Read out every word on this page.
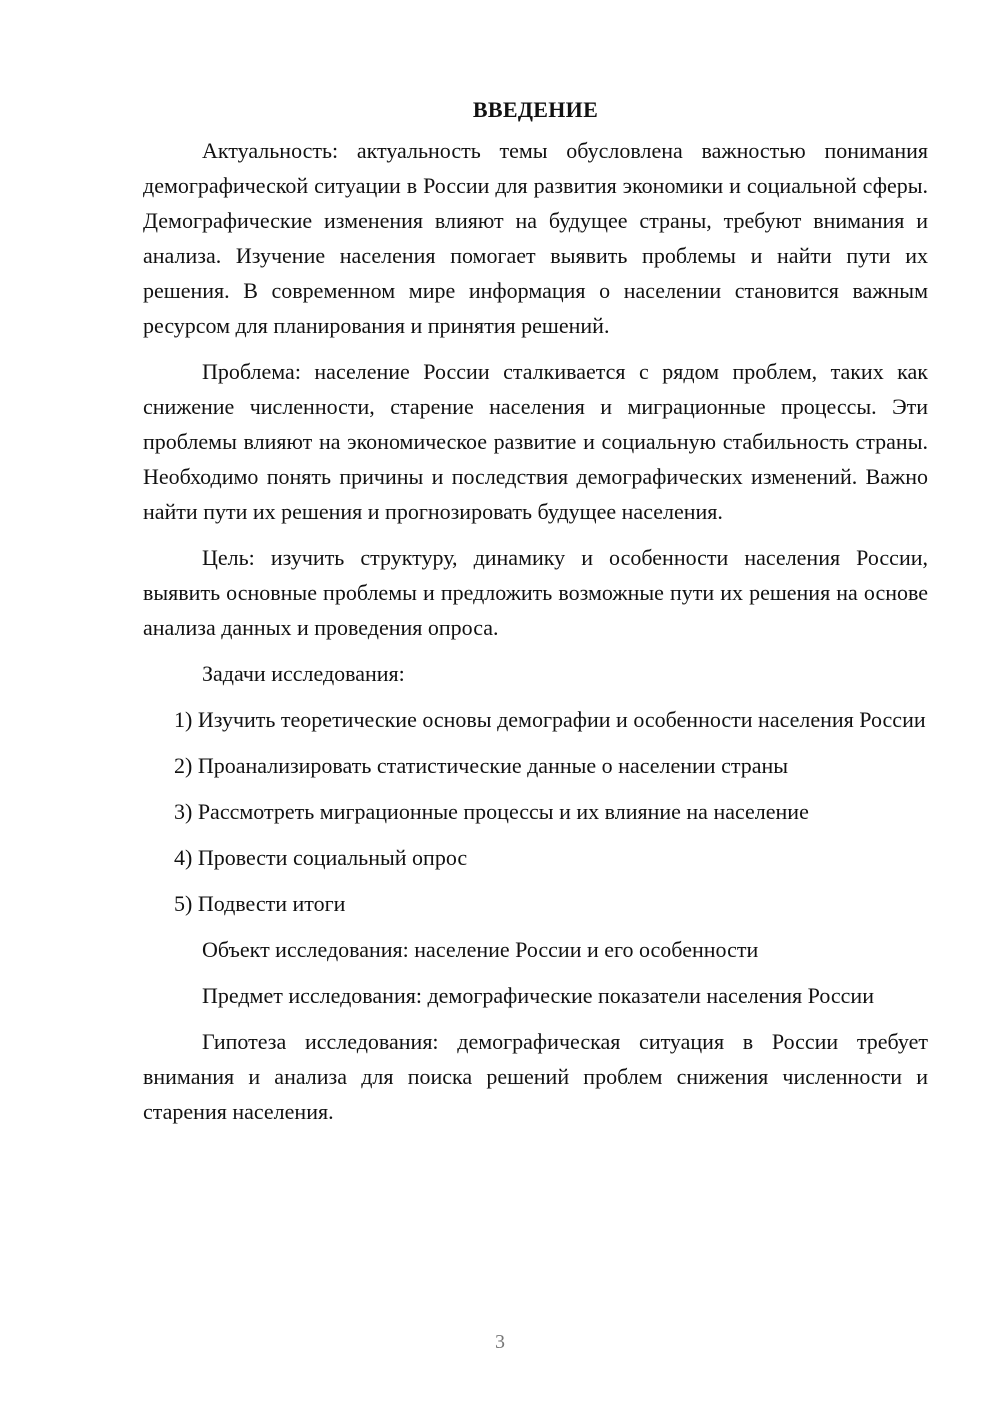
ВВЕДЕНИЕ

Актуальность: актуальность темы обусловлена важностью понимания демографической ситуации в России для развития экономики и социальной сферы. Демографические изменения влияют на будущее страны, требуют внимания и анализа. Изучение населения помогает выявить проблемы и найти пути их решения. В современном мире информация о населении становится важным ресурсом для планирования и принятия решений.

Проблема: население России сталкивается с рядом проблем, таких как снижение численности, старение населения и миграционные процессы. Эти проблемы влияют на экономическое развитие и социальную стабильность страны. Необходимо понять причины и последствия демографических изменений. Важно найти пути их решения и прогнозировать будущее населения.

Цель: изучить структуру, динамику и особенности населения России, выявить основные проблемы и предложить возможные пути их решения на основе анализа данных и проведения опроса.

Задачи исследования:

1) Изучить теоретические основы демографии и особенности населения России

2) Проанализировать статистические данные о населении страны

3) Рассмотреть миграционные процессы и их влияние на население

4) Провести социальный опрос

5) Подвести итоги

Объект исследования: население России и его особенности

Предмет исследования: демографические показатели населения России

Гипотеза исследования: демографическая ситуация в России требует внимания и анализа для поиска решений проблем снижения численности и старения населения.

3
